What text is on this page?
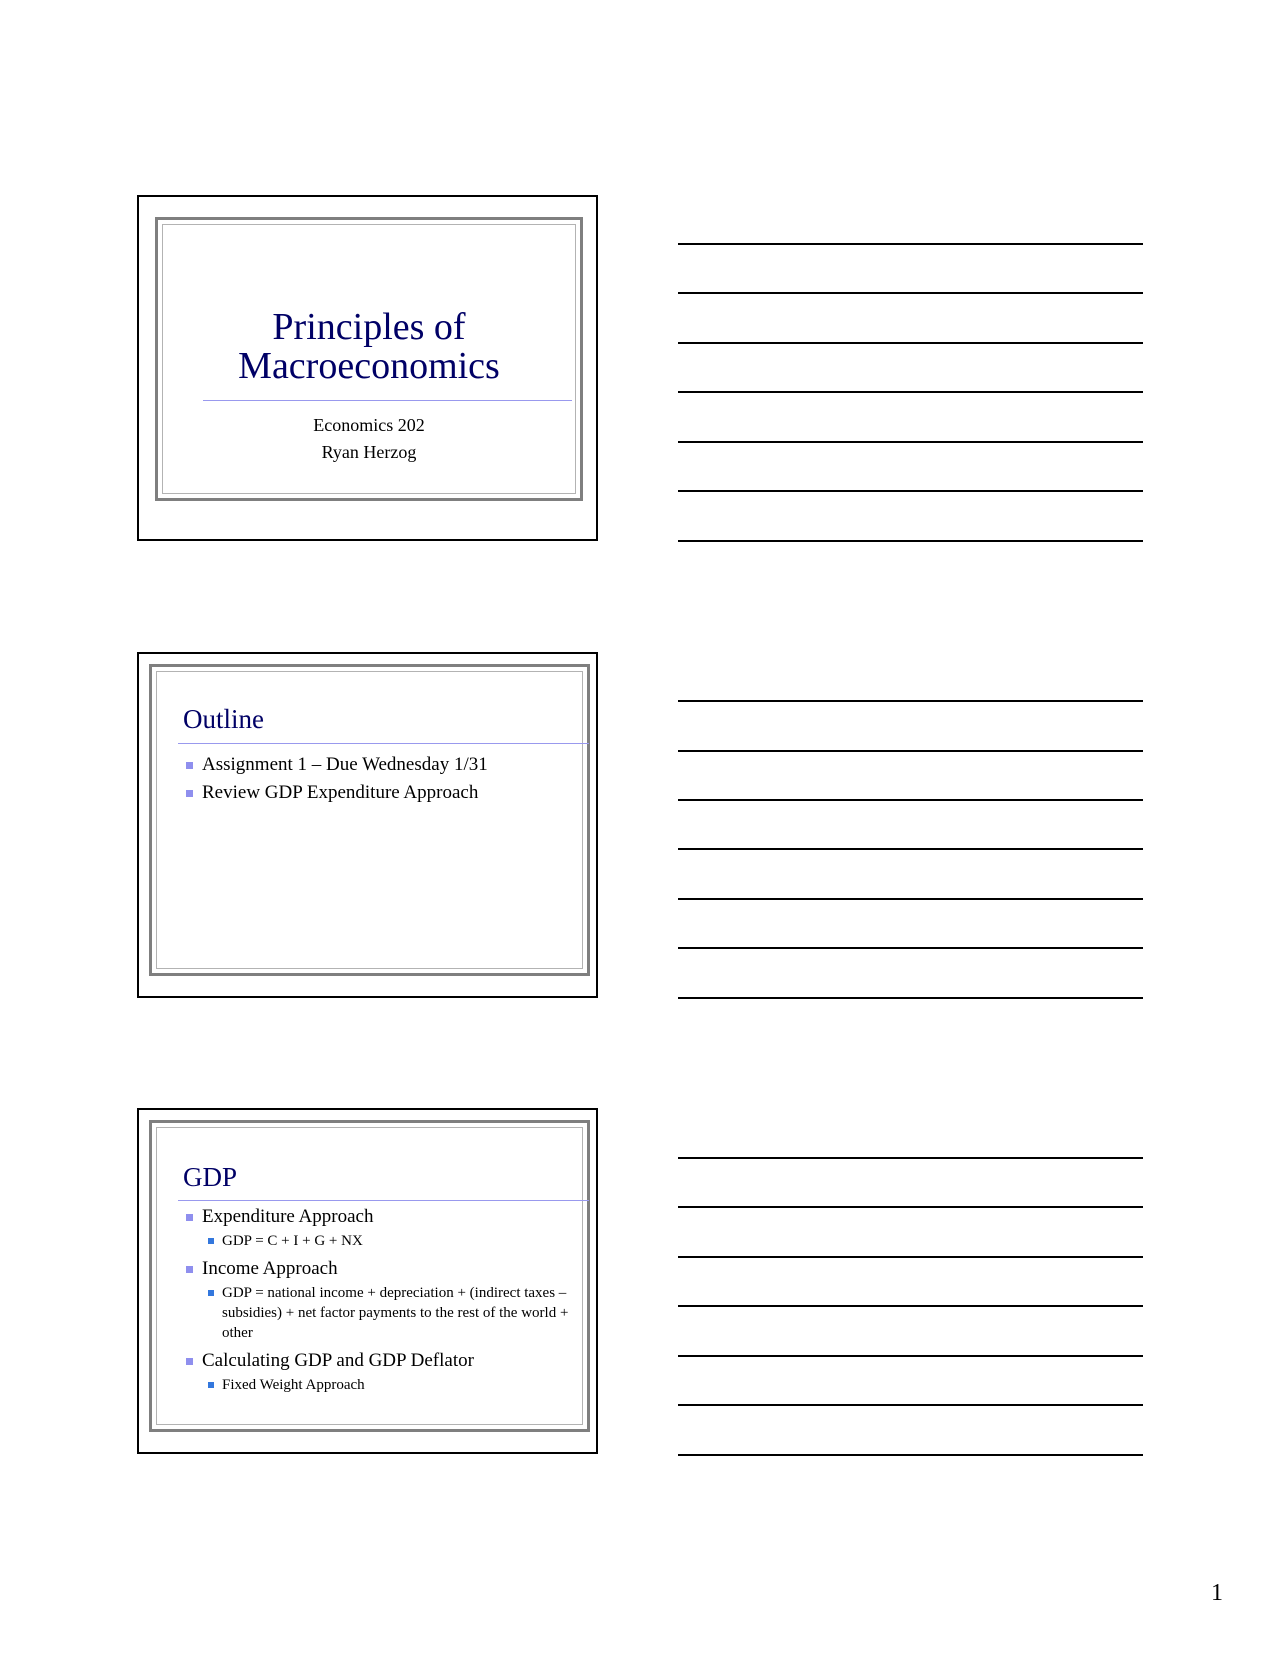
Principles of
Macroeconomics
Economics 202
Ryan Herzog
Outline
Assignment 1 – Due Wednesday 1/31
Review GDP Expenditure Approach
GDP
Expenditure Approach
GDP = C + I + G + NX
Income Approach
GDP = national income + depreciation + (indirect taxes – subsidies) + net factor payments to the rest of the world + other
Calculating GDP and GDP Deflator
Fixed Weight Approach
1
